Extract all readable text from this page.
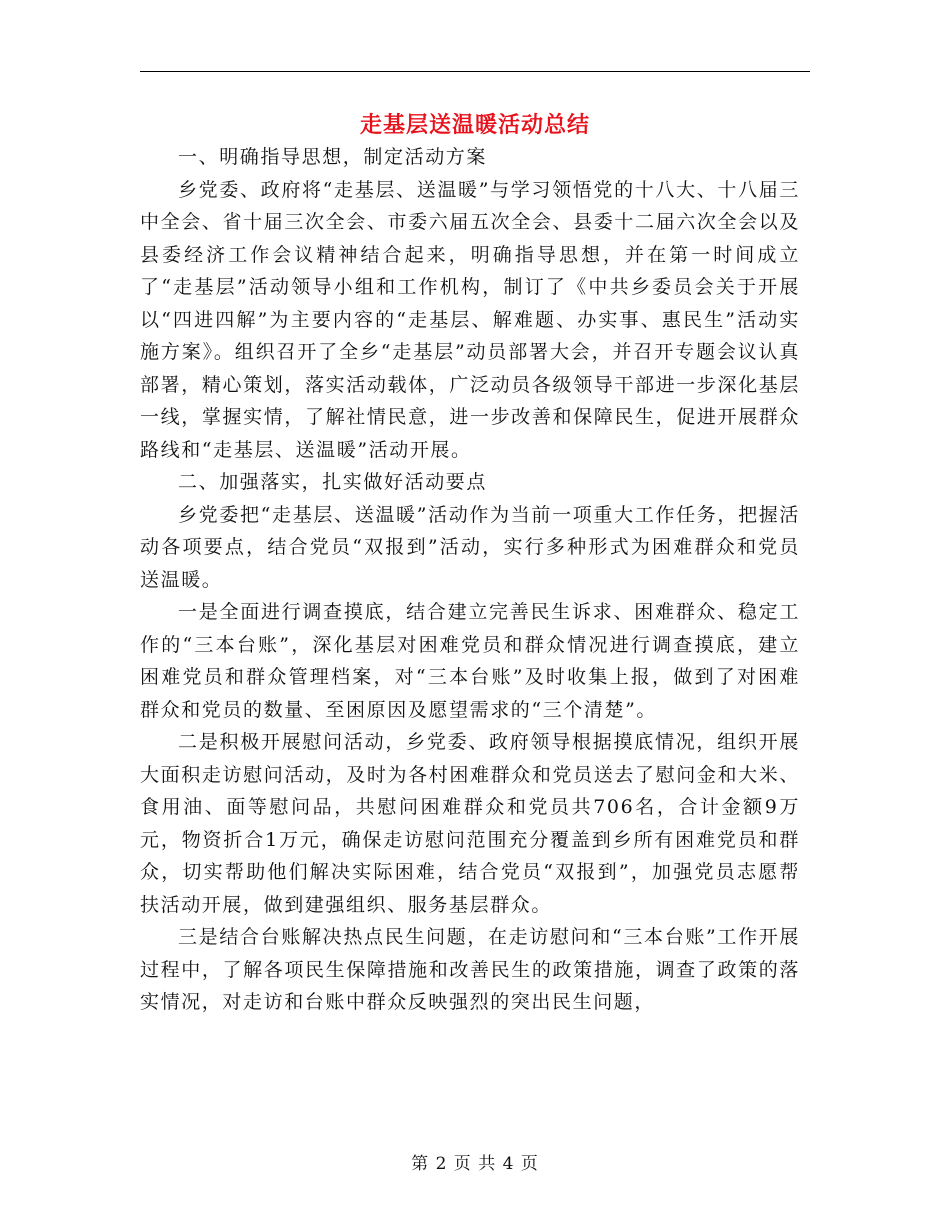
走基层送温暖活动总结

一、明确指导思想，制定活动方案

乡党委、政府将“走基层、送温暖”与学习领悟党的十八大、十八届三中全会、省十届三次全会、市委六届五次全会、县委十二届六次全会以及县委经济工作会议精神结合起来，明确指导思想，并在第一时间成立了“走基层”活动领导小组和工作机构，制订了《中共乡委员会关于开展以“四进四解”为主要内容的“走基层、解难题、办实事、惠民生”活动实施方案》。组织召开了全乡“走基层”动员部署大会，并召开专题会议认真部署，精心策划，落实活动载体，广泛动员各级领导干部进一步深化基层一线，掌握实情，了解社情民意，进一步改善和保障民生，促进开展群众路线和“走基层、送温暖”活动开展。

二、加强落实，扎实做好活动要点

乡党委把“走基层、送温暖”活动作为当前一项重大工作任务，把握活动各项要点，结合党员“双报到”活动，实行多种形式为困难群众和党员送温暖。

一是全面进行调查摸底，结合建立完善民生诉求、困难群众、稳定工作的“三本台账”，深化基层对困难党员和群众情况进行调查摸底，建立困难党员和群众管理档案，对“三本台账”及时收集上报，做到了对困难群众和党员的数量、至困原因及愿望需求的“三个清楚”。

二是积极开展慰问活动，乡党委、政府领导根据摸底情况，组织开展大面积走访慰问活动，及时为各村困难群众和党员送去了慰问金和大米、食用油、面等慰问品，共慰问困难群众和党员共706名，合计金额9万元，物资折合1万元，确保走访慰问范围充分覆盖到乡所有困难党员和群众，切实帮助他们解决实际困难，结合党员“双报到”，加强党员志愿帮扶活动开展，做到建强组织、服务基层群众。

三是结合台账解决热点民生问题，在走访慰问和“三本台账”工作开展过程中，了解各项民生保障措施和改善民生的政策措施，调查了政策的落实情况，对走访和台账中群众反映强烈的突出民生问题，

第 2 页 共 4 页
